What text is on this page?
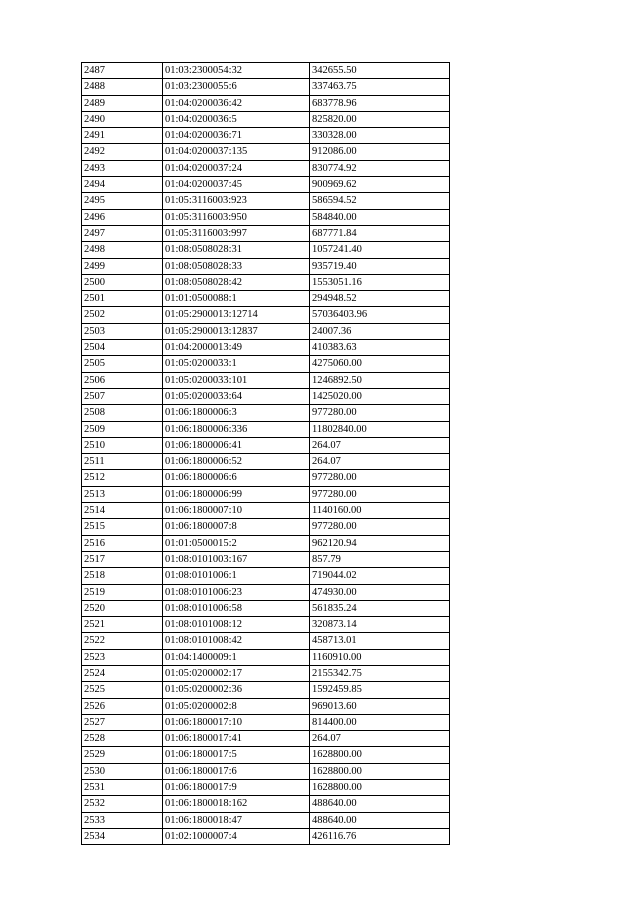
2487	01:03:2300054:32	342655.50
2488	01:03:2300055:6	337463.75
2489	01:04:0200036:42	683778.96
2490	01:04:0200036:5	825820.00
2491	01:04:0200036:71	330328.00
2492	01:04:0200037:135	912086.00
2493	01:04:0200037:24	830774.92
2494	01:04:0200037:45	900969.62
2495	01:05:3116003:923	586594.52
2496	01:05:3116003:950	584840.00
2497	01:05:3116003:997	687771.84
2498	01:08:0508028:31	1057241.40
2499	01:08:0508028:33	935719.40
2500	01:08:0508028:42	1553051.16
2501	01:01:0500088:1	294948.52
2502	01:05:2900013:12714	57036403.96
2503	01:05:2900013:12837	24007.36
2504	01:04:2000013:49	410383.63
2505	01:05:0200033:1	4275060.00
2506	01:05:0200033:101	1246892.50
2507	01:05:0200033:64	1425020.00
2508	01:06:1800006:3	977280.00
2509	01:06:1800006:336	11802840.00
2510	01:06:1800006:41	264.07
2511	01:06:1800006:52	264.07
2512	01:06:1800006:6	977280.00
2513	01:06:1800006:99	977280.00
2514	01:06:1800007:10	1140160.00
2515	01:06:1800007:8	977280.00
2516	01:01:0500015:2	962120.94
2517	01:08:0101003:167	857.79
2518	01:08:0101006:1	719044.02
2519	01:08:0101006:23	474930.00
2520	01:08:0101006:58	561835.24
2521	01:08:0101008:12	320873.14
2522	01:08:0101008:42	458713.01
2523	01:04:1400009:1	1160910.00
2524	01:05:0200002:17	2155342.75
2525	01:05:0200002:36	1592459.85
2526	01:05:0200002:8	969013.60
2527	01:06:1800017:10	814400.00
2528	01:06:1800017:41	264.07
2529	01:06:1800017:5	1628800.00
2530	01:06:1800017:6	1628800.00
2531	01:06:1800017:9	1628800.00
2532	01:06:1800018:162	488640.00
2533	01:06:1800018:47	488640.00
2534	01:02:1000007:4	426116.76
